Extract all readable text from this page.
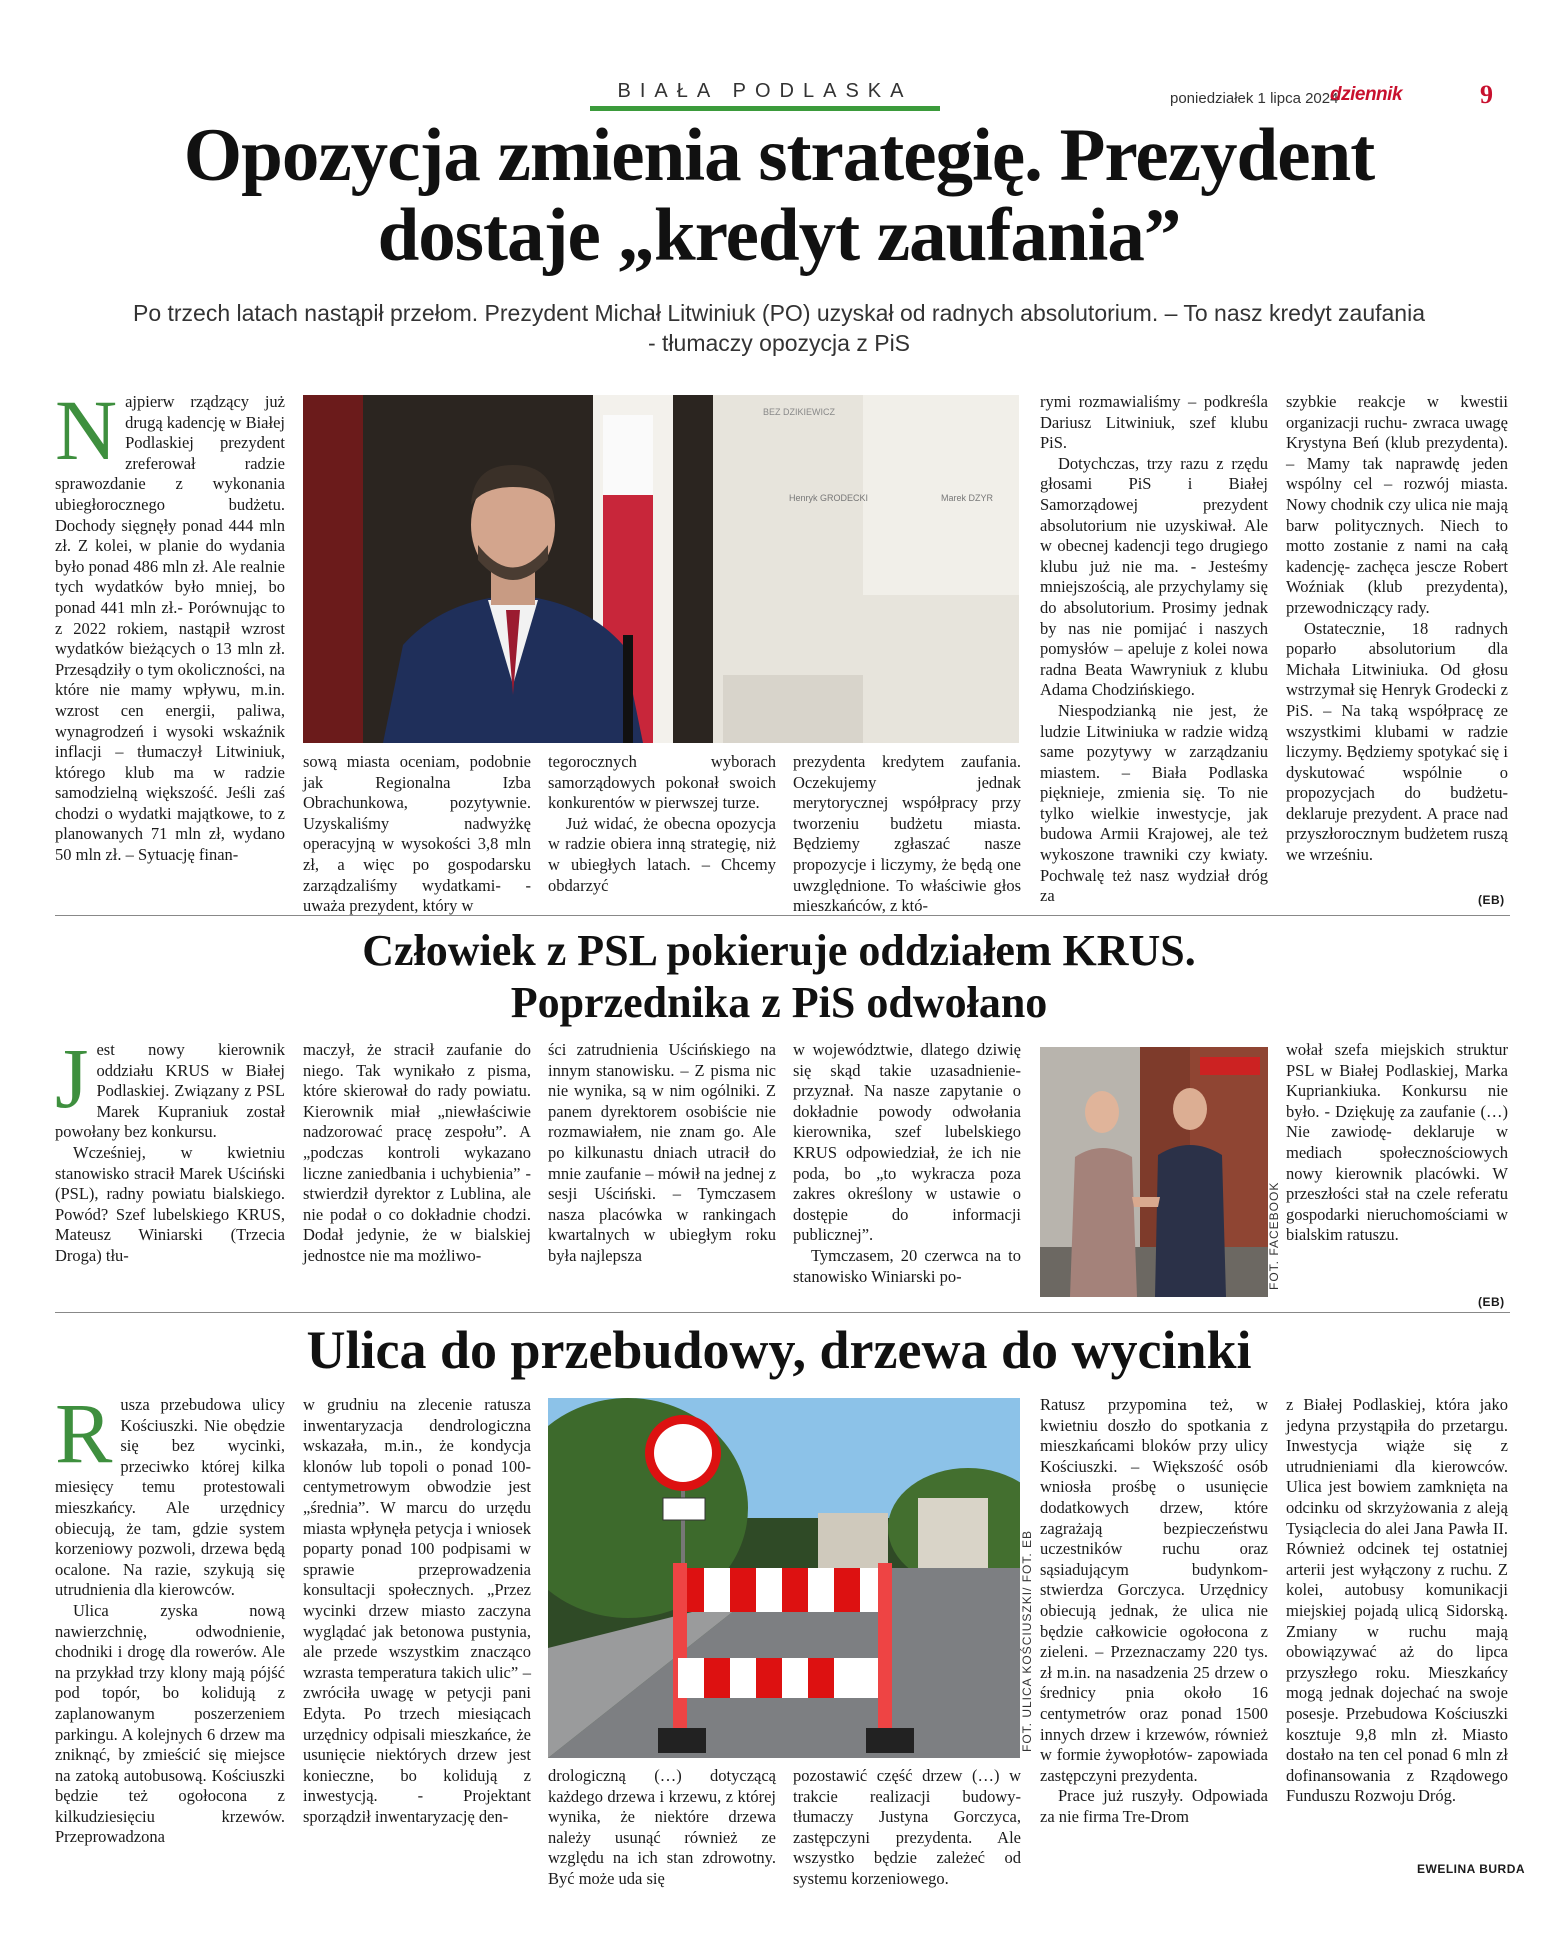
BIAŁA PODLASKA	poniedziałek 1 lipca 2024
dziennik	9
Opozycja zmienia strategię. Prezydent
dostaje „kredyt zaufania”
Po trzech latach nastąpił przełom. Prezydent Michał Litwiniuk (PO) uzyskał od radnych absolutorium. – To nasz kredyt zaufania
- tłumaczy opozycja z PiS
BEZ DZIKIEWICZ
Henryk GRODECKI	Marek DZYR
N ajpierw rządzący już drugą kadencję w Białej Podlaskiej prezydent zreferował radzie sprawozdanie z wykonania ubiegłorocznego budżetu. Dochody sięgnęły ponad 444 mln zł. Z kolei, w planie do wydania było ponad 486 mln zł. Ale realnie tych wydatków było mniej, bo ponad 441 mln zł.- Porównując to z 2022 rokiem, nastąpił wzrost wydatków bieżących o 13 mln zł. Przesądziły o tym okoliczności, na które nie mamy wpływu, m.in. wzrost cen energii, paliwa, wynagrodzeń i wysoki wskaźnik inflacji – tłumaczył Litwiniuk, którego klub ma w radzie samodzielną większość. Jeśli zaś chodzi o wydatki majątkowe, to z planowanych 71 mln zł, wydano 50 mln zł. – Sytuację finan-

sową miasta oceniam, podobnie jak Regionalna Izba Obrachunkowa, pozytywnie. Uzyskaliśmy nadwyżkę operacyjną w wysokości 3,8 mln zł, a więc po gospodarsku zarządzaliśmy wydatkami- -uważa prezydent, który w

tegorocznych wyborach samorządowych pokonał swoich konkurentów w pierwszej turze.

Już widać, że obecna opozycja w radzie obiera inną strategię, niż w ubiegłych latach. – Chcemy obdarzyć

prezydenta kredytem zaufania. Oczekujemy jednak merytorycznej współpracy przy tworzeniu budżetu miasta. Będziemy zgłaszać nasze propozycje i liczymy, że będą one uwzględnione. To właściwie głos mieszkańców, z któ-

rymi rozmawialiśmy – podkreśla Dariusz Litwiniuk, szef klubu PiS.

Dotychczas, trzy razu z rzędu głosami PiS i Białej Samorządowej prezydent absolutorium nie uzyskiwał. Ale w obecnej kadencji tego drugiego klubu już nie ma. - Jesteśmy mniejszością, ale przychylamy się do absolutorium. Prosimy jednak by nas nie pomijać i naszych pomysłów – apeluje z kolei nowa radna Beata Wawryniuk z klubu Adama Chodzińskiego.

Niespodzianką nie jest, że ludzie Litwiniuka w radzie widzą same pozytywy w zarządzaniu miastem. – Biała Podlaska pięknieje, zmienia się. To nie tylko wielkie inwestycje, jak budowa Armii Krajowej, ale też wykoszone trawniki czy kwiaty. Pochwalę też nasz wydział dróg za

szybkie reakcje w kwestii organizacji ruchu- zwraca uwagę Krystyna Beń (klub prezydenta). – Mamy tak naprawdę jeden wspólny cel – rozwój miasta. Nowy chodnik czy ulica nie mają barw politycznych. Niech to motto zostanie z nami na całą kadencję- zachęca jescze Robert Woźniak (klub prezydenta), przewodniczący rady.

Ostatecznie, 18 radnych poparło absolutorium dla Michała Litwiniuka. Od głosu wstrzymał się Henryk Grodecki z PiS. – Na taką współpracę ze wszystkimi klubami w radzie liczymy. Będziemy spotykać się i dyskutować wspólnie o propozycjach do budżetu- deklaruje prezydent. A prace nad przyszłorocznym budżetem ruszą we wrześniu.

(EB)
Człowiek z PSL pokieruje oddziałem KRUS.
Poprzednika z PiS odwołano

Jest nowy kierownik oddziału KRUS w Białej Podlaskiej. Związany z PSL Marek Kupraniuk został powołany bez konkursu.

Wcześniej, w kwietniu stanowisko stracił Marek Uściński (PSL), radny powiatu bialskiego. Powód? Szef lubelskiego KRUS, Mateusz Winiarski (Trzecia Droga) tłu-

maczył, że stracił zaufanie do niego. Tak wynikało z pisma, które skierował do rady powiatu. Kierownik miał „niewłaściwie nadzorować pracę zespołu”. A „podczas kontroli wykazano liczne zaniedbania i uchybienia” - stwierdził dyrektor z Lublina, ale nie podał o co dokładnie chodzi. Dodał jedynie, że w bialskiej jednostce nie ma możliwo-

ści zatrudnienia Uścińskiego na innym stanowisku. – Z pisma nic nie wynika, są w nim ogólniki. Z panem dyrektorem osobiście nie rozmawiałem, nie znam go. Ale po kilkunastu dniach utracił do mnie zaufanie – mówił na jednej z sesji Uściński. – Tymczasem nasza placówka w rankingach kwartalnych w ubiegłym roku była najlepsza

w województwie, dlatego dziwię się skąd takie uzasadnienie- przyznał. Na nasze zapytanie o dokładnie powody odwołania kierownika, szef lubelskiego KRUS odpowiedział, że ich nie poda, bo „to wykracza poza zakres określony w ustawie o dostępie do informacji publicznej”.

Tymczasem, 20 czerwca na to stanowisko Winiarski po-	FOT. FACEBOOK

wołał szefa miejskich struktur PSL w Białej Podlaskiej, Marka Kupriankiuka. Konkursu nie było. - Dziękuję za zaufanie (…) Nie zawiodę- deklaruje w mediach społecznościowych nowy kierownik placówki. W przeszłości stał na czele referatu gospodarki nieruchomościami w bialskim ratuszu.

(EB)
Ulica do przebudowy, drzewa do wycinki

Rusza przebudowa ulicy Kościuszki. Nie obędzie się bez wycinki, przeciwko której kilka miesięcy temu protestowali mieszkańcy. Ale urzędnicy obiecują, że tam, gdzie system korzeniowy pozwoli, drzewa będą ocalone. Na razie, szykują się utrudnienia dla kierowców.

Ulica zyska nową nawierzchnię, odwodnienie, chodniki i drogę dla rowerów. Ale na przykład trzy klony mają pójść pod topór, bo kolidują z zaplanowanym poszerzeniem parkingu. A kolejnych 6 drzew ma zniknąć, by zmieścić się miejsce na zatoką autobusową. Kościuszki będzie też ogołocona z kilkudziesięciu krzewów. Przeprowadzona

w grudniu na zlecenie ratusza inwentaryzacja dendrologiczna wskazała, m.in., że kondycja klonów lub topoli o ponad 100-centymetrowym obwodzie jest „średnia”. W marcu do urzędu miasta wpłynęła petycja i wniosek poparty ponad 100 podpisami w sprawie przeprowadzenia konsultacji społecznych. „Przez wycinki drzew miasto zaczyna wyglądać jak betonowa pustynia, ale przede wszystkim znacząco wzrasta temperatura takich ulic” – zwróciła uwagę w petycji pani Edyta. Po trzech miesiącach urzędnicy odpisali mieszkańce, że usunięcie niektórych drzew jest konieczne, bo kolidują z inwestycją. - Projektant sporządził inwentaryzację den-

FOT. ULICA KOŚCIUSZKI/ FOT. EB

drologiczną (…) dotyczącą każdego drzewa i krzewu, z której wynika, że niektóre drzewa należy usunąć również ze względu na ich stan zdrowotny. Być może uda się

pozostawić część drzew (…) w trakcie realizacji budowy- tłumaczy Justyna Gorczyca, zastępczyni prezydenta. Ale wszystko będzie zależeć od systemu korzeniowego.

Ratusz przypomina też, w kwietniu doszło do spotkania z mieszkańcami bloków przy ulicy Kościuszki. – Większość osób wniosła prośbę o usunięcie dodatkowych drzew, które zagrażają bezpieczeństwu uczestników ruchu oraz sąsiadującym budynkom- stwierdza Gorczyca. Urzędnicy obiecują jednak, że ulica nie będzie całkowicie ogołocona z zieleni. – Przeznaczamy 220 tys. zł m.in. na nasadzenia 25 drzew o średnicy pnia około 16 centymetrów oraz ponad 1500 innych drzew i krzewów, również w formie żywopłotów- zapowiada zastępczyni prezydenta.

Prace już ruszyły. Odpowiada za nie firma Tre-Drom

z Białej Podlaskiej, która jako jedyna przystąpiła do przetargu. Inwestycja wiąże się z utrudnieniami dla kierowców. Ulica jest bowiem zamknięta na odcinku od skrzyżowania z aleją Tysiąclecia do alei Jana Pawła II. Również odcinek tej ostatniej arterii jest wyłączony z ruchu. Z kolei, autobusy komunikacji miejskiej pojadą ulicą Sidorską. Zmiany w ruchu mają obowiązywać aż do lipca przyszłego roku. Mieszkańcy mogą jednak dojechać na swoje posesje. Przebudowa Kościuszki kosztuje 9,8 mln zł. Miasto dostało na ten cel ponad 6 mln zł dofinansowania z Rządowego Funduszu Rozwoju Dróg.

EWELINA BURDA
